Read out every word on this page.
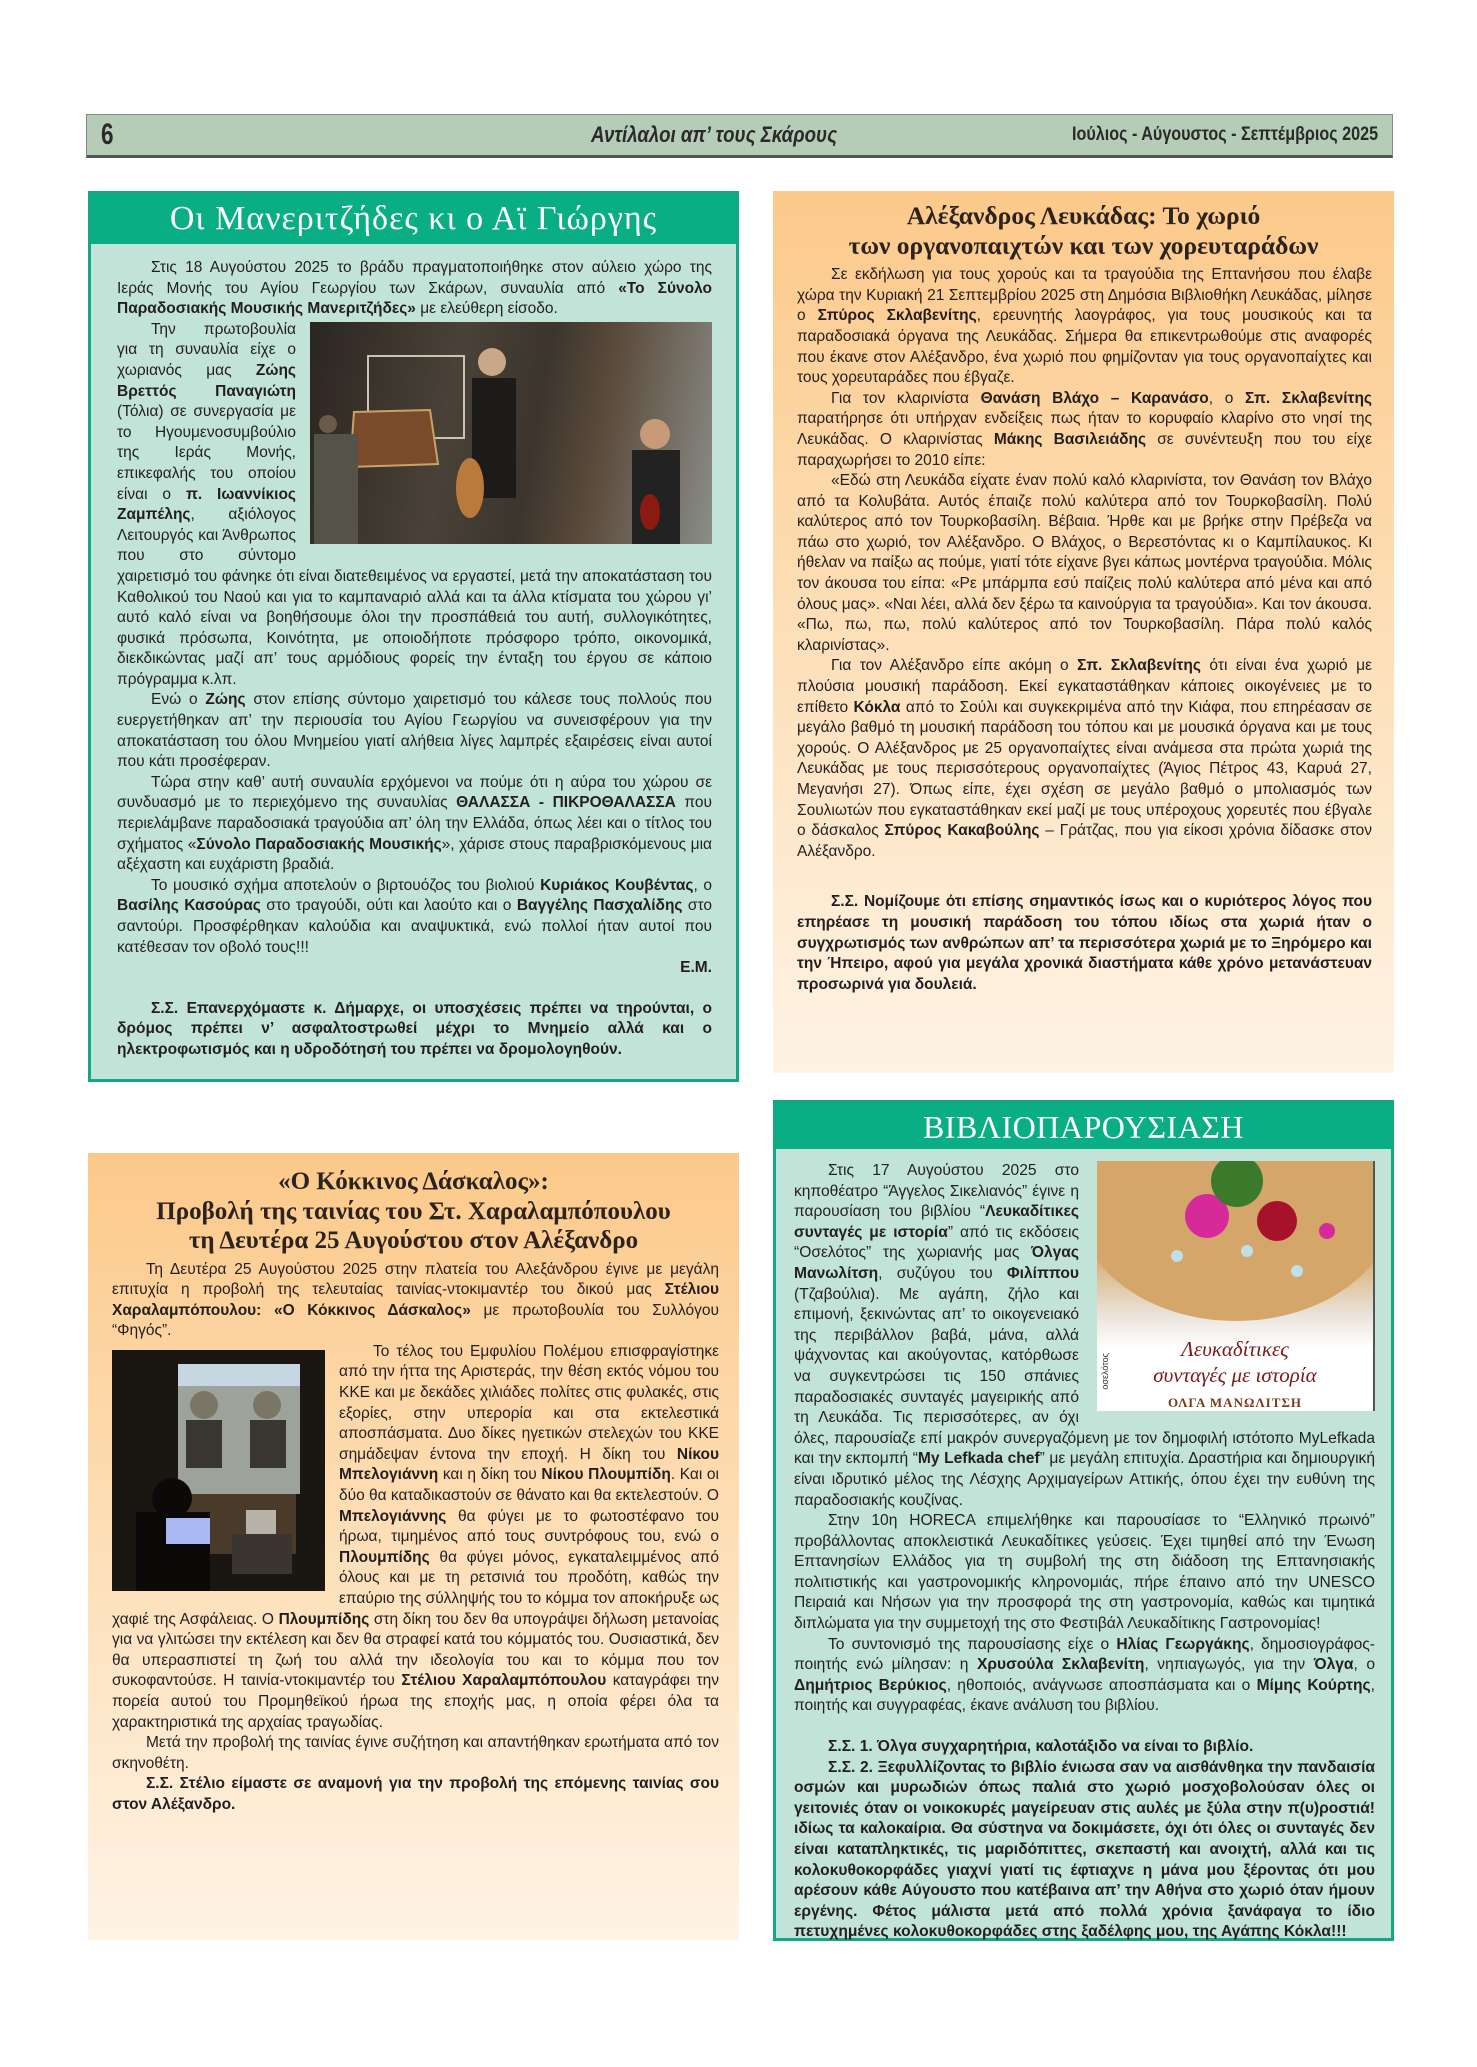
6	Αντίλαλοι απ’ τους Σκάρους	Ιούλιος - Αύγουστος - Σεπτέμβριος 2025
Οι Μανεριτζήδες κι ο Αϊ Γιώργης

Στις 18 Αυγούστου 2025 το βράδυ πραγματοποιήθηκε στον αύλειο χώρο της Ιεράς Μονής του Αγίου Γεωργίου των Σκάρων, συναυλία από «Το Σύνολο Παραδοσιακής Μουσικής Μανεριτζήδες» με ελεύθερη είσοδο.

Την πρωτοβουλία για τη συναυλία είχε ο χωριανός μας Ζώης Βρεττός Παναγιώτη (Τόλια) σε συνεργασία με το Ηγουμενοσυμβούλιο της Ιεράς Μονής, επικεφαλής του οποίου είναι ο π. Ιωαννίκιος Ζαμπέλης, αξιόλογος Λειτουργός και Άνθρωπος που στο σύντομο χαιρετισμό του φάνηκε ότι είναι διατεθειμένος να εργαστεί, μετά την αποκατάσταση του Καθολικού του Ναού και για το καμπαναριό αλλά και τα άλλα κτίσματα του χώρου γι’ αυτό καλό είναι να βοηθήσουμε όλοι την προσπάθειά του αυτή, συλλογικότητες, φυσικά πρόσωπα, Κοινότητα, με οποιοδήποτε πρόσφορο τρόπο, οικονομικά, διεκδικώντας μαζί απ’ τους αρμόδιους φορείς την ένταξη του έργου σε κάποιο πρόγραμμα κ.λπ.

Ενώ ο Ζώης στον επίσης σύντομο χαιρετισμό του κάλεσε τους πολλούς που ευεργετήθηκαν απ’ την περιουσία του Αγίου Γεωργίου να συνεισφέρουν για την αποκατάσταση του όλου Μνημείου γιατί αλήθεια λίγες λαμπρές εξαιρέσεις είναι αυτοί που κάτι προσέφεραν.

Τώρα στην καθ’ αυτή συναυλία ερχόμενοι να πούμε ότι η αύρα του χώρου σε συνδυασμό με το περιεχόμενο της συναυλίας ΘΑΛΑΣΣΑ - ΠΙΚΡΟΘΑΛΑΣΣΑ που περιελάμβανε παραδοσιακά τραγούδια απ’ όλη την Ελλάδα, όπως λέει και ο τίτλος του σχήματος «Σύνολο Παραδοσιακής Μουσικής», χάρισε στους παραβρισκόμενους μια αξέχαστη και ευχάριστη βραδιά.

Το μουσικό σχήμα αποτελούν ο βιρτουόζος του βιολιού Κυριάκος Κουβέντας, ο Βασίλης Κασούρας στο τραγούδι, ούτι και λαούτο και ο Βαγγέλης Πασχαλίδης στο σαντούρι. Προσφέρθηκαν καλούδια και αναψυκτικά, ενώ πολλοί ήταν αυτοί που κατέθεσαν τον οβολό τους!!!

Ε.Μ.

Σ.Σ. Επανερχόμαστε κ. Δήμαρχε, οι υποσχέσεις πρέπει να τηρούνται, ο δρόμος πρέπει ν’ ασφαλτοστρωθεί μέχρι το Μνημείο αλλά και ο ηλεκτροφωτισμός και η υδροδότησή του πρέπει να δρομολογηθούν.

«Ο Κόκκινος Δάσκαλος»:
Προβολή της ταινίας του Στ. Χαραλαμπόπουλου
τη Δευτέρα 25 Αυγούστου στον Αλέξανδρο

Τη Δευτέρα 25 Αυγούστου 2025 στην πλατεία του Αλεξάνδρου έγινε με μεγάλη επιτυχία η προβολή της τελευταίας ταινίας-ντοκιμαντέρ του δικού μας Στέλιου Χαραλαμπόπουλου: «Ο Κόκκινος Δάσκαλος» με πρωτοβουλία του Συλλόγου “Φηγός”.

Το τέλος του Εμφυλίου Πολέμου επισφραγίστηκε από την ήττα της Αριστεράς, την θέση εκτός νόμου του ΚΚΕ και με δεκάδες χιλιάδες πολίτες στις φυλακές, στις εξορίες, στην υπερορία και στα εκτελεστικά αποσπάσματα. Δυο δίκες ηγετικών στελεχών του ΚΚΕ σημάδεψαν έντονα την εποχή. Η δίκη του Νίκου Μπελογιάννη και η δίκη του Νίκου Πλουμπίδη. Και οι δύο θα καταδικαστούν σε θάνατο και θα εκτελεστούν. Ο Μπελογιάννης θα φύγει με το φωτοστέφανο του ήρωα, τιμημένος από τους συντρόφους του, ενώ ο Πλουμπίδης θα φύγει μόνος, εγκαταλειμμένος από όλους και με τη ρετσινιά του προδότη, καθώς την επαύριο της σύλληψής του το κόμμα τον αποκήρυξε ως χαφιέ της Ασφάλειας. Ο Πλουμπίδης στη δίκη του δεν θα υπογράψει δήλωση μετανοίας για να γλιτώσει την εκτέλεση και δεν θα στραφεί κατά του κόμματός του. Ουσιαστικά, δεν θα υπερασπιστεί τη ζωή του αλλά την ιδεολογία του και το κόμμα που τον συκοφαντούσε. Η ταινία-ντοκιμαντέρ του Στέλιου Χαραλαμπόπουλου καταγράφει την πορεία αυτού του Προμηθεϊκού ήρωα της εποχής μας, η οποία φέρει όλα τα χαρακτηριστικά της αρχαίας τραγωδίας.

Μετά την προβολή της ταινίας έγινε συζήτηση και απαντήθηκαν ερωτήματα από τον σκηνοθέτη.

Σ.Σ. Στέλιο είμαστε σε αναμονή για την προβολή της επόμενης ταινίας σου στον Αλέξανδρο.

Αλέξανδρος Λευκάδας: Το χωριό
των οργανοπαιχτών και των χορευταράδων

Σε εκδήλωση για τους χορούς και τα τραγούδια της Επτανήσου που έλαβε χώρα την Κυριακή 21 Σεπτεμβρίου 2025 στη Δημόσια Βιβλιοθήκη Λευκάδας, μίλησε ο Σπύρος Σκλαβενίτης, ερευνητής λαογράφος, για τους μουσικούς και τα παραδοσιακά όργανα της Λευκάδας. Σήμερα θα επικεντρωθούμε στις αναφορές που έκανε στον Αλέξανδρο, ένα χωριό που φημίζονταν για τους οργανοπαίχτες και τους χορευταράδες που έβγαζε.

Για τον κλαρινίστα Θανάση Βλάχο – Καρανάσο, ο Σπ. Σκλαβενίτης παρατήρησε ότι υπήρχαν ενδείξεις πως ήταν το κορυφαίο κλαρίνο στο νησί της Λευκάδας. Ο κλαρινίστας Μάκης Βασιλειάδης σε συνέντευξη που του είχε παραχωρήσει το 2010 είπε:

«Εδώ στη Λευκάδα είχατε έναν πολύ καλό κλαρινίστα, τον Θανάση τον Βλάχο από τα Κολυβάτα. Αυτός έπαιζε πολύ καλύτερα από τον Τουρκοβασίλη. Πολύ καλύτερος από τον Τουρκοβασίλη. Βέβαια. Ήρθε και με βρήκε στην Πρέβεζα να πάω στο χωριό, τον Αλέξανδρο. Ο Βλάχος, ο Βερεστόντας κι ο Καμπίλαυκος. Κι ήθελαν να παίξω ας πούμε, γιατί τότε είχανε βγει κάπως μοντέρνα τραγούδια. Μόλις τον άκουσα του είπα: «Ρε μπάρμπα εσύ παίζεις πολύ καλύτερα από μένα και από όλους μας». «Ναι λέει, αλλά δεν ξέρω τα καινούργια τα τραγούδια». Και τον άκουσα. «Πω, πω, πω, πολύ καλύτερος από τον Τουρκοβασίλη. Πάρα πολύ καλός κλαρινίστας».

Για τον Αλέξανδρο είπε ακόμη ο Σπ. Σκλαβενίτης ότι είναι ένα χωριό με πλούσια μουσική παράδοση. Εκεί εγκαταστάθηκαν κάποιες οικογένειες με το επίθετο Κόκλα από το Σούλι και συγκεκριμένα από την Κιάφα, που επηρέασαν σε μεγάλο βαθμό τη μουσική παράδοση του τόπου και με μουσικά όργανα και με τους χορούς. Ο Αλέξανδρος με 25 οργανοπαίχτες είναι ανάμεσα στα πρώτα χωριά της Λευκάδας με τους περισσότερους οργανοπαίχτες (Άγιος Πέτρος 43, Καρυά 27, Μεγανήσι 27). Όπως είπε, έχει σχέση σε μεγάλο βαθμό ο μπολιασμός των Σουλιωτών που εγκαταστάθηκαν εκεί μαζί με τους υπέροχους χορευτές που έβγαλε ο δάσκαλος Σπύρος Κακαβούλης – Γράτζας, που για είκοσι χρόνια δίδασκε στον Αλέξανδρο.

Σ.Σ. Νομίζουμε ότι επίσης σημαντικός ίσως και ο κυριότερος λόγος που επηρέασε τη μουσική παράδοση του τόπου ιδίως στα χωριά ήταν ο συγχρωτισμός των ανθρώπων απ’ τα περισσότερα χωριά με το Ξηρόμερο και την Ήπειρο, αφού για μεγάλα χρονικά διαστήματα κάθε χρόνο μετανάστευαν προσωρινά για δουλειά.

ΒΙΒΛΙΟΠΑΡΟΥΣΙΑΣΗ
Λευκαδίτικες
συνταγές με ιστορία
ΟΛΓΑ ΜΑΝΩΛΙΤΣΗ
οσελότος

Στις 17 Αυγούστου 2025 στο κηποθέατρο “Άγγελος Σικελιανός” έγινε η παρουσίαση του βιβλίου “Λευκαδίτικες συνταγές με ιστορία” από τις εκδόσεις “Οσελότος” της χωριανής μας Όλγας Μανωλίτση, συζύγου του Φιλίππου (Τζαβούλια). Με αγάπη, ζήλο και επιμονή, ξεκινώντας απ’ το οικογενειακό της περιβάλλον βαβά, μάνα, αλλά ψάχνοντας και ακούγοντας, κατόρθωσε να συγκεντρώσει τις 150 σπάνιες παραδοσιακές συνταγές μαγειρικής από τη Λευκάδα. Τις περισσότερες, αν όχι όλες, παρουσίαζε επί μακρόν συνεργαζόμενη με τον δημοφιλή ιστότοπο MyLefkada και την εκπομπή “My Lefkada chef” με μεγάλη επιτυχία. Δραστήρια και δημιουργική είναι ιδρυτικό μέλος της Λέσχης Αρχιμαγείρων Αττικής, όπου έχει την ευθύνη της παραδοσιακής κουζίνας.

Στην 10η HORECA επιμελήθηκε και παρουσίασε το “Ελληνικό πρωινό” προβάλλοντας αποκλειστικά Λευκαδίτικες γεύσεις. Έχει τιμηθεί από την Ένωση Επτανησίων Ελλάδος για τη συμβολή της στη διάδοση της Επτανησιακής πολιτιστικής και γαστρονομικής κληρονομιάς, πήρε έπαινο από την UNESCO Πειραιά και Νήσων για την προσφορά της στη γαστρονομία, καθώς και τιμητικά διπλώματα για την συμμετοχή της στο Φεστιβάλ Λευκαδίτικης Γαστρονομίας!

Το συντονισμό της παρουσίασης είχε ο Ηλίας Γεωργάκης, δημοσιογράφος-ποιητής ενώ μίλησαν: η Χρυσούλα Σκλαβενίτη, νηπιαγωγός, για την Όλγα, ο Δημήτριος Βερύκιος, ηθοποιός, ανάγνωσε αποσπάσματα και ο Μίμης Κούρτης, ποιητής και συγγραφέας, έκανε ανάλυση του βιβλίου.

Σ.Σ. 1. Όλγα συγχαρητήρια, καλοτάξιδο να είναι το βιβλίο.

Σ.Σ. 2. Ξεφυλλίζοντας το βιβλίο ένιωσα σαν να αισθάνθηκα την πανδαισία οσμών και μυρωδιών όπως παλιά στο χωριό μοσχοβολούσαν όλες οι γειτονιές όταν οι νοικοκυρές μαγείρευαν στις αυλές με ξύλα στην π(υ)ροστιά! ιδίως τα καλοκαίρια. Θα σύστηνα να δοκιμάσετε, όχι ότι όλες οι συνταγές δεν είναι καταπληκτικές, τις μαριδόπιττες, σκεπαστή και ανοιχτή, αλλά και τις κολοκυθοκορφάδες γιαχνί γιατί τις έφτιαχνε η μάνα μου ξέροντας ότι μου αρέσουν κάθε Αύγουστο που κατέβαινα απ’ την Αθήνα στο χωριό όταν ήμουν εργένης. Φέτος μάλιστα μετά από πολλά χρόνια ξανάφαγα το ίδιο πετυχημένες κολοκυθοκορφάδες στης ξαδέλφης μου, της Αγάπης Κόκλα!!!
